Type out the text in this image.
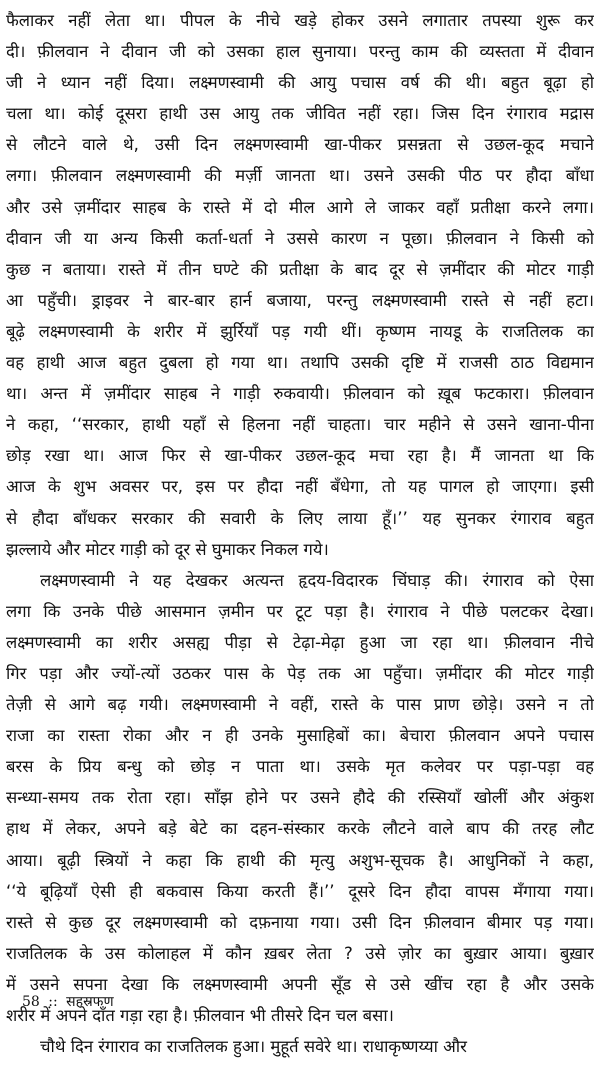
फैलाकर नहीं लेता था। पीपल के नीचे खड़े होकर उसने लगातार तपस्या शुरू कर
दी। फ़ीलवान ने दीवान जी को उसका हाल सुनाया। परन्तु काम की व्यस्तता में दीवान
जी ने ध्यान नहीं दिया। लक्ष्मणस्वामी की आयु पचास वर्ष की थी। बहुत बूढ़ा हो
चला था। कोई दूसरा हाथी उस आयु तक जीवित नहीं रहा। जिस दिन रंगाराव मद्रास
से लौटने वाले थे, उसी दिन लक्ष्मणस्वामी खा-पीकर प्रसन्नता से उछल-कूद मचाने
लगा। फ़ीलवान लक्ष्मणस्वामी की मर्ज़ी जानता था। उसने उसकी पीठ पर हौदा बाँधा
और उसे ज़मींदार साहब के रास्ते में दो मील आगे ले जाकर वहाँ प्रतीक्षा करने लगा।
दीवान जी या अन्य किसी कर्ता-धर्ता ने उससे कारण न पूछा। फ़ीलवान ने किसी को
कुछ न बताया। रास्ते में तीन घण्टे की प्रतीक्षा के बाद दूर से ज़मींदार की मोटर गाड़ी
आ पहुँची। ड्राइवर ने बार-बार हार्न बजाया, परन्तु लक्ष्मणस्वामी रास्ते से नहीं हटा।
बूढ़े लक्ष्मणस्वामी के शरीर में झुर्रियाँ पड़ गयी थीं। कृष्णम नायडू के राजतिलक का
वह हाथी आज बहुत दुबला हो गया था। तथापि उसकी दृष्टि में राजसी ठाठ विद्यमान
था। अन्त में ज़मींदार साहब ने गाड़ी रुकवायी। फ़ीलवान को ख़ूब फटकारा। फ़ीलवान
ने कहा, ‘‘सरकार, हाथी यहाँ से हिलना नहीं चाहता। चार महीने से उसने खाना-पीना
छोड़ रखा था। आज फिर से खा-पीकर उछल-कूद मचा रहा है। मैं जानता था कि
आज के शुभ अवसर पर, इस पर हौदा नहीं बँधेगा, तो यह पागल हो जाएगा। इसी
से हौदा बाँधकर सरकार की सवारी के लिए लाया हूँ।’’ यह सुनकर रंगाराव बहुत
झल्लाये और मोटर गाड़ी को दूर से घुमाकर निकल गये।
लक्ष्मणस्वामी ने यह देखकर अत्यन्त हृदय-विदारक चिंघाड़ की। रंगाराव को ऐसा
लगा कि उनके पीछे आसमान ज़मीन पर टूट पड़ा है। रंगाराव ने पीछे पलटकर देखा।
लक्ष्मणस्वामी का शरीर असह्य पीड़ा से टेढ़ा-मेढ़ा हुआ जा रहा था। फ़ीलवान नीचे
गिर पड़ा और ज्यों-त्यों उठकर पास के पेड़ तक आ पहुँचा। ज़मींदार की मोटर गाड़ी
तेज़ी से आगे बढ़ गयी। लक्ष्मणस्वामी ने वहीं, रास्ते के पास प्राण छोड़े। उसने न तो
राजा का रास्ता रोका और न ही उनके मुसाहिबों का। बेचारा फ़ीलवान अपने पचास
बरस के प्रिय बन्धु को छोड़ न पाता था। उसके मृत कलेवर पर पड़ा-पड़ा वह
सन्ध्या-समय तक रोता रहा। साँझ होने पर उसने हौदे की रस्सियाँ खोलीं और अंकुश
हाथ में लेकर, अपने बड़े बेटे का दहन-संस्कार करके लौटने वाले बाप की तरह लौट
आया। बूढ़ी स्त्रियों ने कहा कि हाथी की मृत्यु अशुभ-सूचक है। आधुनिकों ने कहा,
‘‘ये बूढ़ियाँ ऐसी ही बकवास किया करती हैं।’’ दूसरे दिन हौदा वापस मँगाया गया।
रास्ते से कुछ दूर लक्ष्मणस्वामी को दफ़नाया गया। उसी दिन फ़ीलवान बीमार पड़ गया।
राजतिलक के उस कोलाहल में कौन ख़बर लेता ? उसे ज़ोर का बुख़ार आया। बुख़ार
में उसने सपना देखा कि लक्ष्मणस्वामी अपनी सूँड से उसे खींच रहा है और उसके
शरीर में अपने दाँत गड़ा रहा है। फ़ीलवान भी तीसरे दिन चल बसा।
चौथे दिन रंगाराव का राजतिलक हुआ। मुहूर्त सवेरे था। राधाकृष्णय्या और
58 :: सहस्रफण
